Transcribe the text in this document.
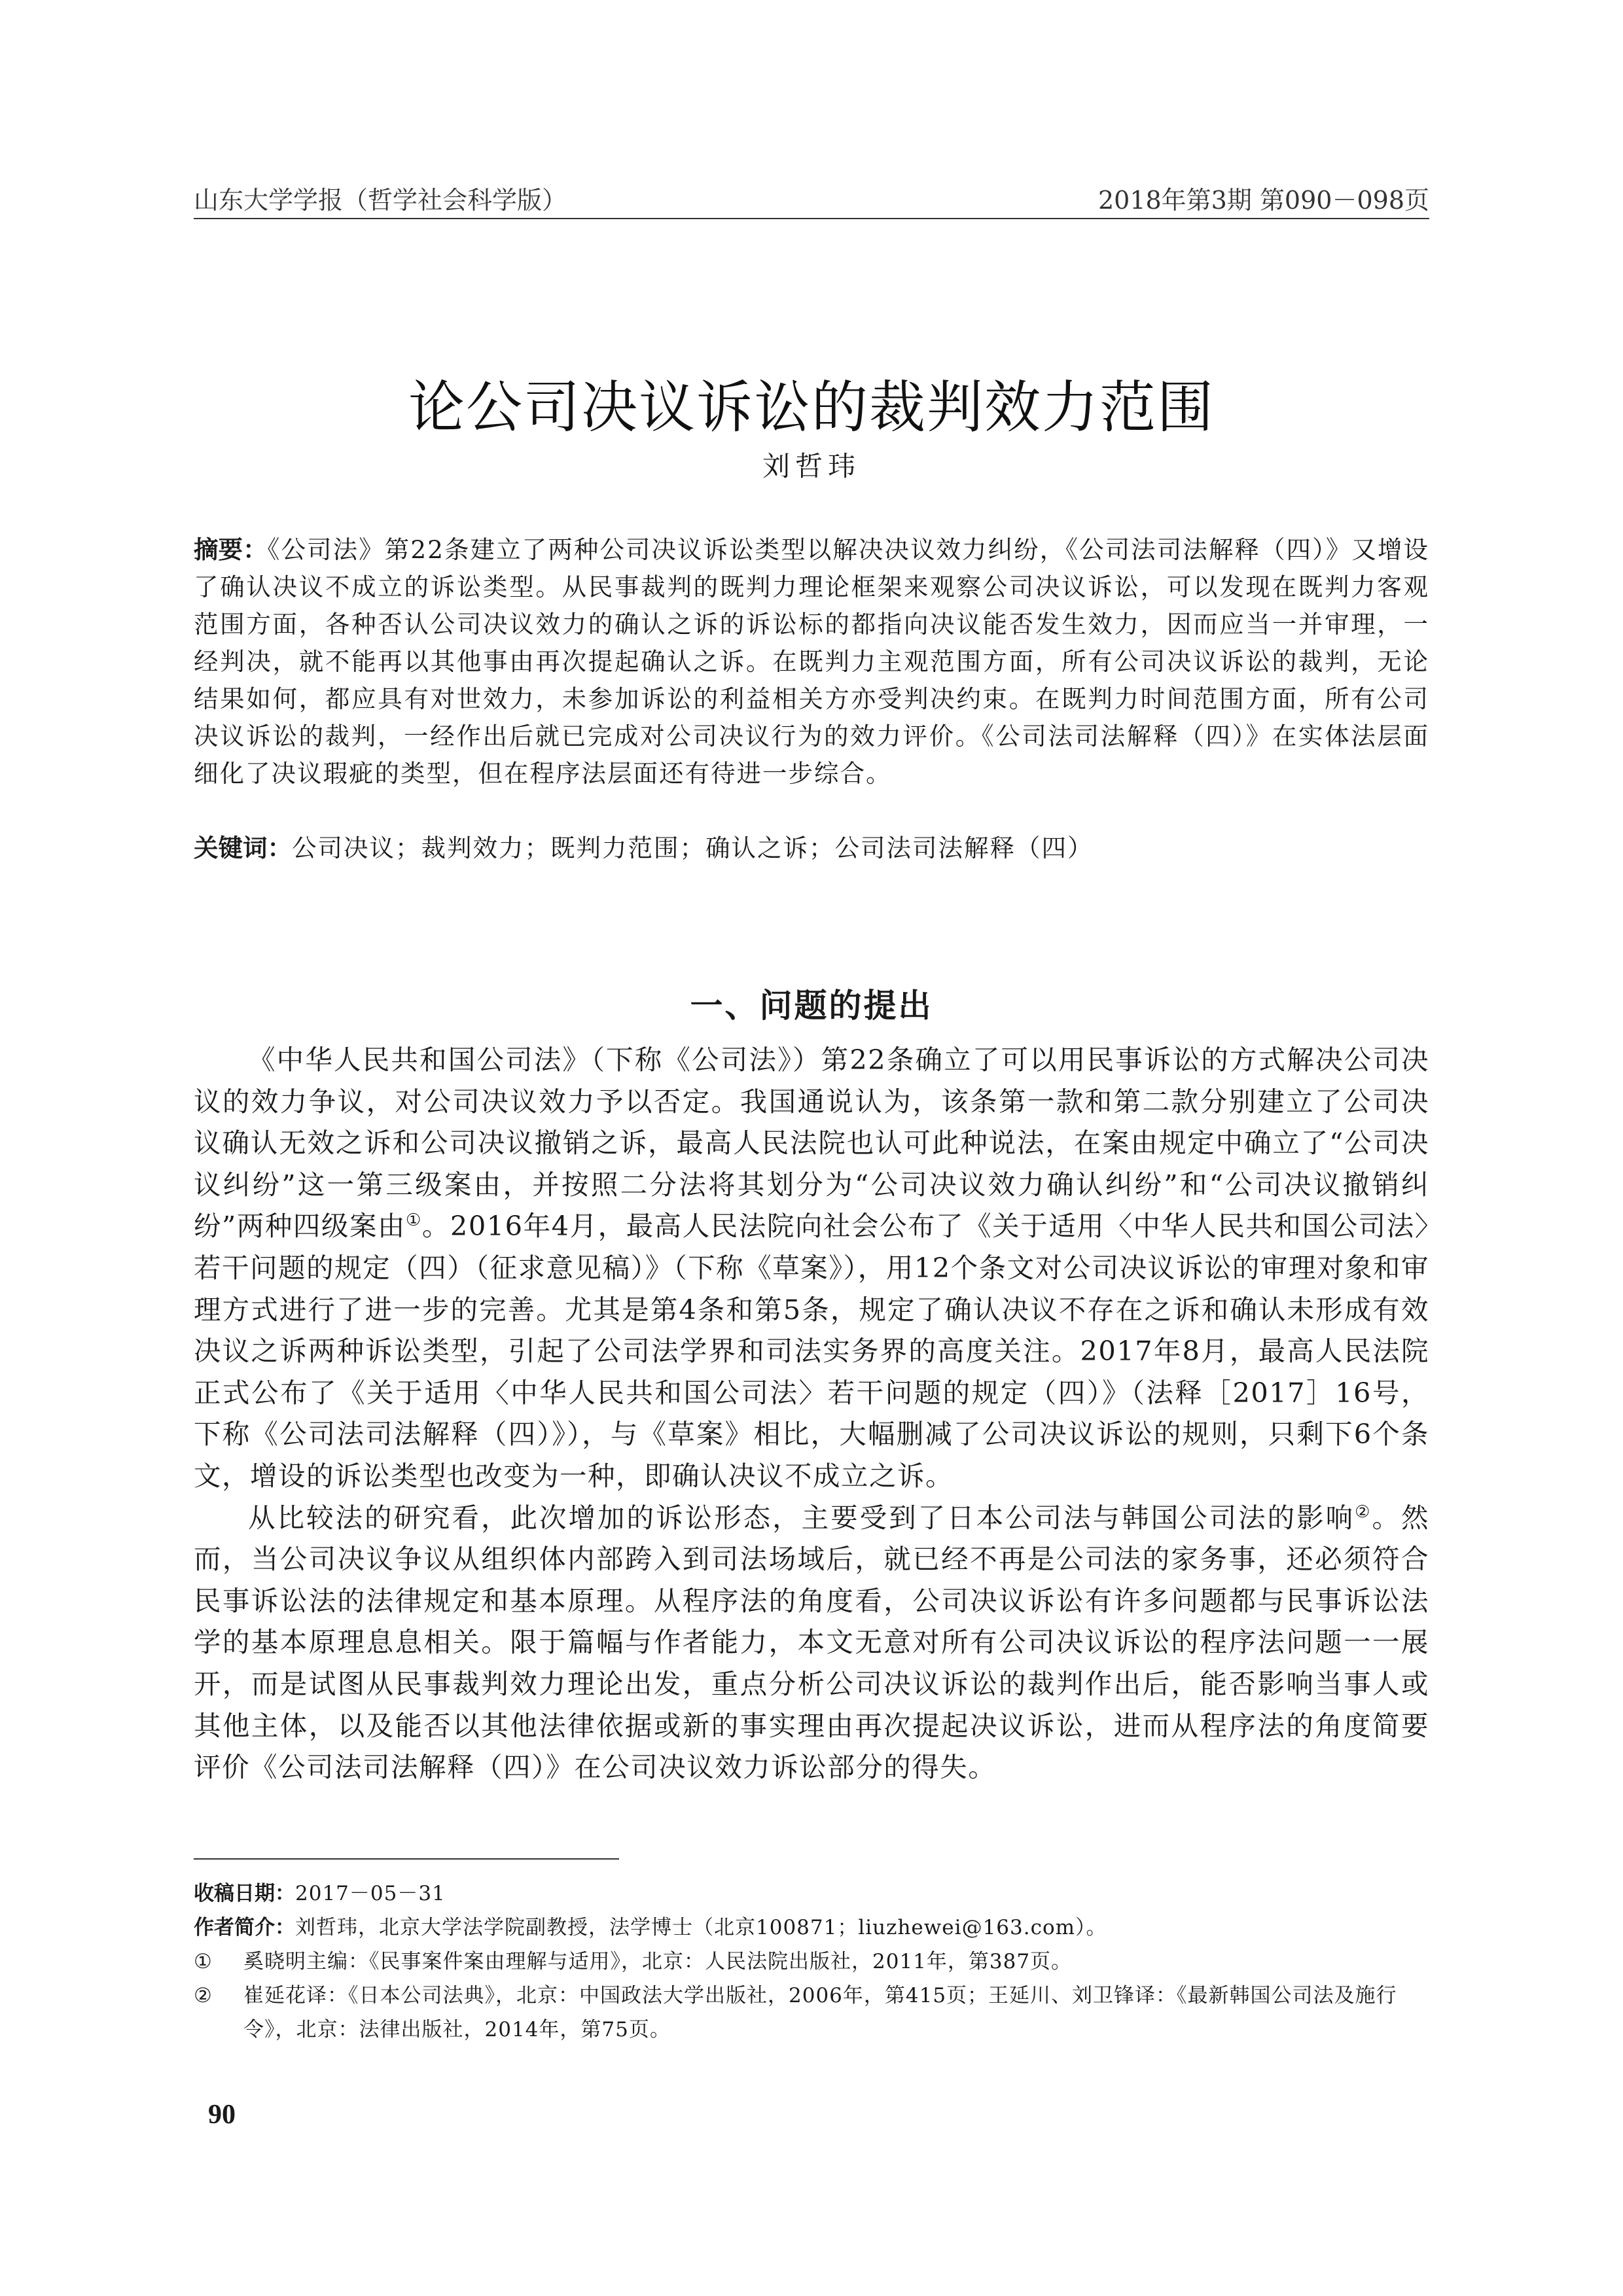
山东大学学报（哲学社会科学版）	2018年第3期 第090－098页
论公司决议诉讼的裁判效力范围
刘哲玮
摘要：《公司法》第22条建立了两种公司决议诉讼类型以解决决议效力纠纷，《公司法司法解释（四）》又增设了确认决议不成立的诉讼类型。从民事裁判的既判力理论框架来观察公司决议诉讼，可以发现在既判力客观范围方面，各种否认公司决议效力的确认之诉的诉讼标的都指向决议能否发生效力，因而应当一并审理，一经判决，就不能再以其他事由再次提起确认之诉。在既判力主观范围方面，所有公司决议诉讼的裁判，无论结果如何，都应具有对世效力，未参加诉讼的利益相关方亦受判决约束。在既判力时间范围方面，所有公司决议诉讼的裁判，一经作出后就已完成对公司决议行为的效力评价。《公司法司法解释（四）》在实体法层面细化了决议瑕疵的类型，但在程序法层面还有待进一步综合。
关键词：公司决议；裁判效力；既判力范围；确认之诉；公司法司法解释（四）
一、问题的提出

《中华人民共和国公司法》（下称《公司法》）第22条确立了可以用民事诉讼的方式解决公司决议的效力争议，对公司决议效力予以否定。我国通说认为，该条第一款和第二款分别建立了公司决议确认无效之诉和公司决议撤销之诉，最高人民法院也认可此种说法，在案由规定中确立了“公司决议纠纷”这一第三级案由，并按照二分法将其划分为“公司决议效力确认纠纷”和“公司决议撤销纠纷”两种四级案由①。2016年4月，最高人民法院向社会公布了《关于适用〈中华人民共和国公司法〉若干问题的规定（四）（征求意见稿）》（下称《草案》），用12个条文对公司决议诉讼的审理对象和审理方式进行了进一步的完善。尤其是第4条和第5条，规定了确认决议不存在之诉和确认未形成有效决议之诉两种诉讼类型，引起了公司法学界和司法实务界的高度关注。2017年8月，最高人民法院正式公布了《关于适用〈中华人民共和国公司法〉若干问题的规定（四）》（法释［2017］16号，下称《公司法司法解释（四）》），与《草案》相比，大幅删减了公司决议诉讼的规则，只剩下6个条文，增设的诉讼类型也改变为一种，即确认决议不成立之诉。

从比较法的研究看，此次增加的诉讼形态，主要受到了日本公司法与韩国公司法的影响②。然而，当公司决议争议从组织体内部跨入到司法场域后，就已经不再是公司法的家务事，还必须符合民事诉讼法的法律规定和基本原理。从程序法的角度看，公司决议诉讼有许多问题都与民事诉讼法学的基本原理息息相关。限于篇幅与作者能力，本文无意对所有公司决议诉讼的程序法问题一一展开，而是试图从民事裁判效力理论出发，重点分析公司决议诉讼的裁判作出后，能否影响当事人或其他主体，以及能否以其他法律依据或新的事实理由再次提起决议诉讼，进而从程序法的角度简要评价《公司法司法解释（四）》在公司决议效力诉讼部分的得失。

收稿日期：2017－05－31
作者简介：刘哲玮，北京大学法学院副教授，法学博士（北京100871；liuzhewei@163.com）。
①	奚晓明主编：《民事案件案由理解与适用》，北京：人民法院出版社，2011年，第387页。
②	崔延花译：《日本公司法典》，北京：中国政法大学出版社，2006年，第415页；王延川、刘卫锋译：《最新韩国公司法及施行令》，北京：法律出版社，2014年，第75页。
90
